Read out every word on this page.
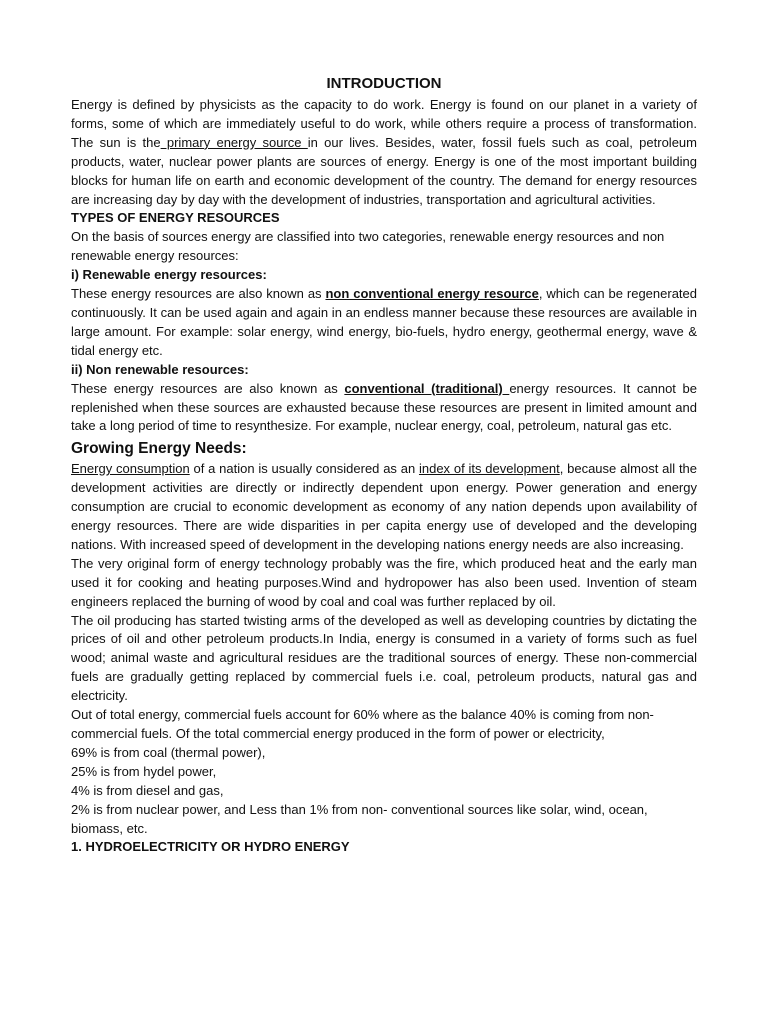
INTRODUCTION

Energy is defined by physicists as the capacity to do work. Energy is found on our planet in a variety of forms, some of which are immediately useful to do work, while others require a process of transformation. The sun is the primary energy source in our lives. Besides, water, fossil fuels such as coal, petroleum products, water, nuclear power plants are sources of energy. Energy is one of the most important building blocks for human life on earth and economic development of the country. The demand for energy resources are increasing day by day with the development of industries, transportation and agricultural activities.

TYPES OF ENERGY RESOURCES

On the basis of sources energy are classified into two categories, renewable energy resources and non renewable energy resources:

i) Renewable energy resources:

These energy resources are also known as non conventional energy resource, which can be regenerated continuously. It can be used again and again in an endless manner because these resources are available in large amount. For example: solar energy, wind energy, bio-fuels, hydro energy, geothermal energy, wave & tidal energy etc.

ii) Non renewable resources:

These energy resources are also known as conventional (traditional) energy resources. It cannot be replenished when these sources are exhausted because these resources are present in limited amount and take a long period of time to resynthesize. For example, nuclear energy, coal, petroleum, natural gas etc.

Growing Energy Needs:

Energy consumption of a nation is usually considered as an index of its development, because almost all the development activities are directly or indirectly dependent upon energy. Power generation and energy consumption are crucial to economic development as economy of any nation depends upon availability of energy resources. There are wide disparities in per capita energy use of developed and the developing nations. With increased speed of development in the developing nations energy needs are also increasing.

The very original form of energy technology probably was the fire, which produced heat and the early man used it for cooking and heating purposes.Wind and hydropower has also been used. Invention of steam engineers replaced the burning of wood by coal and coal was further replaced by oil.

The oil producing has started twisting arms of the developed as well as developing countries by dictating the prices of oil and other petroleum products.In India, energy is consumed in a variety of forms such as fuel wood; animal waste and agricultural residues are the traditional sources of energy. These non-commercial fuels are gradually getting replaced by commercial fuels i.e. coal, petroleum products, natural gas and electricity.

Out of total energy, commercial fuels account for 60% where as the balance 40% is coming from non-commercial fuels. Of the total commercial energy produced in the form of power or electricity,

69% is from coal (thermal power),
25% is from hydel power,
4% is from diesel and gas,
2% is from nuclear power, and Less than 1% from non- conventional sources like solar, wind, ocean, biomass, etc.
1. HYDROELECTRICITY OR HYDRO ENERGY
